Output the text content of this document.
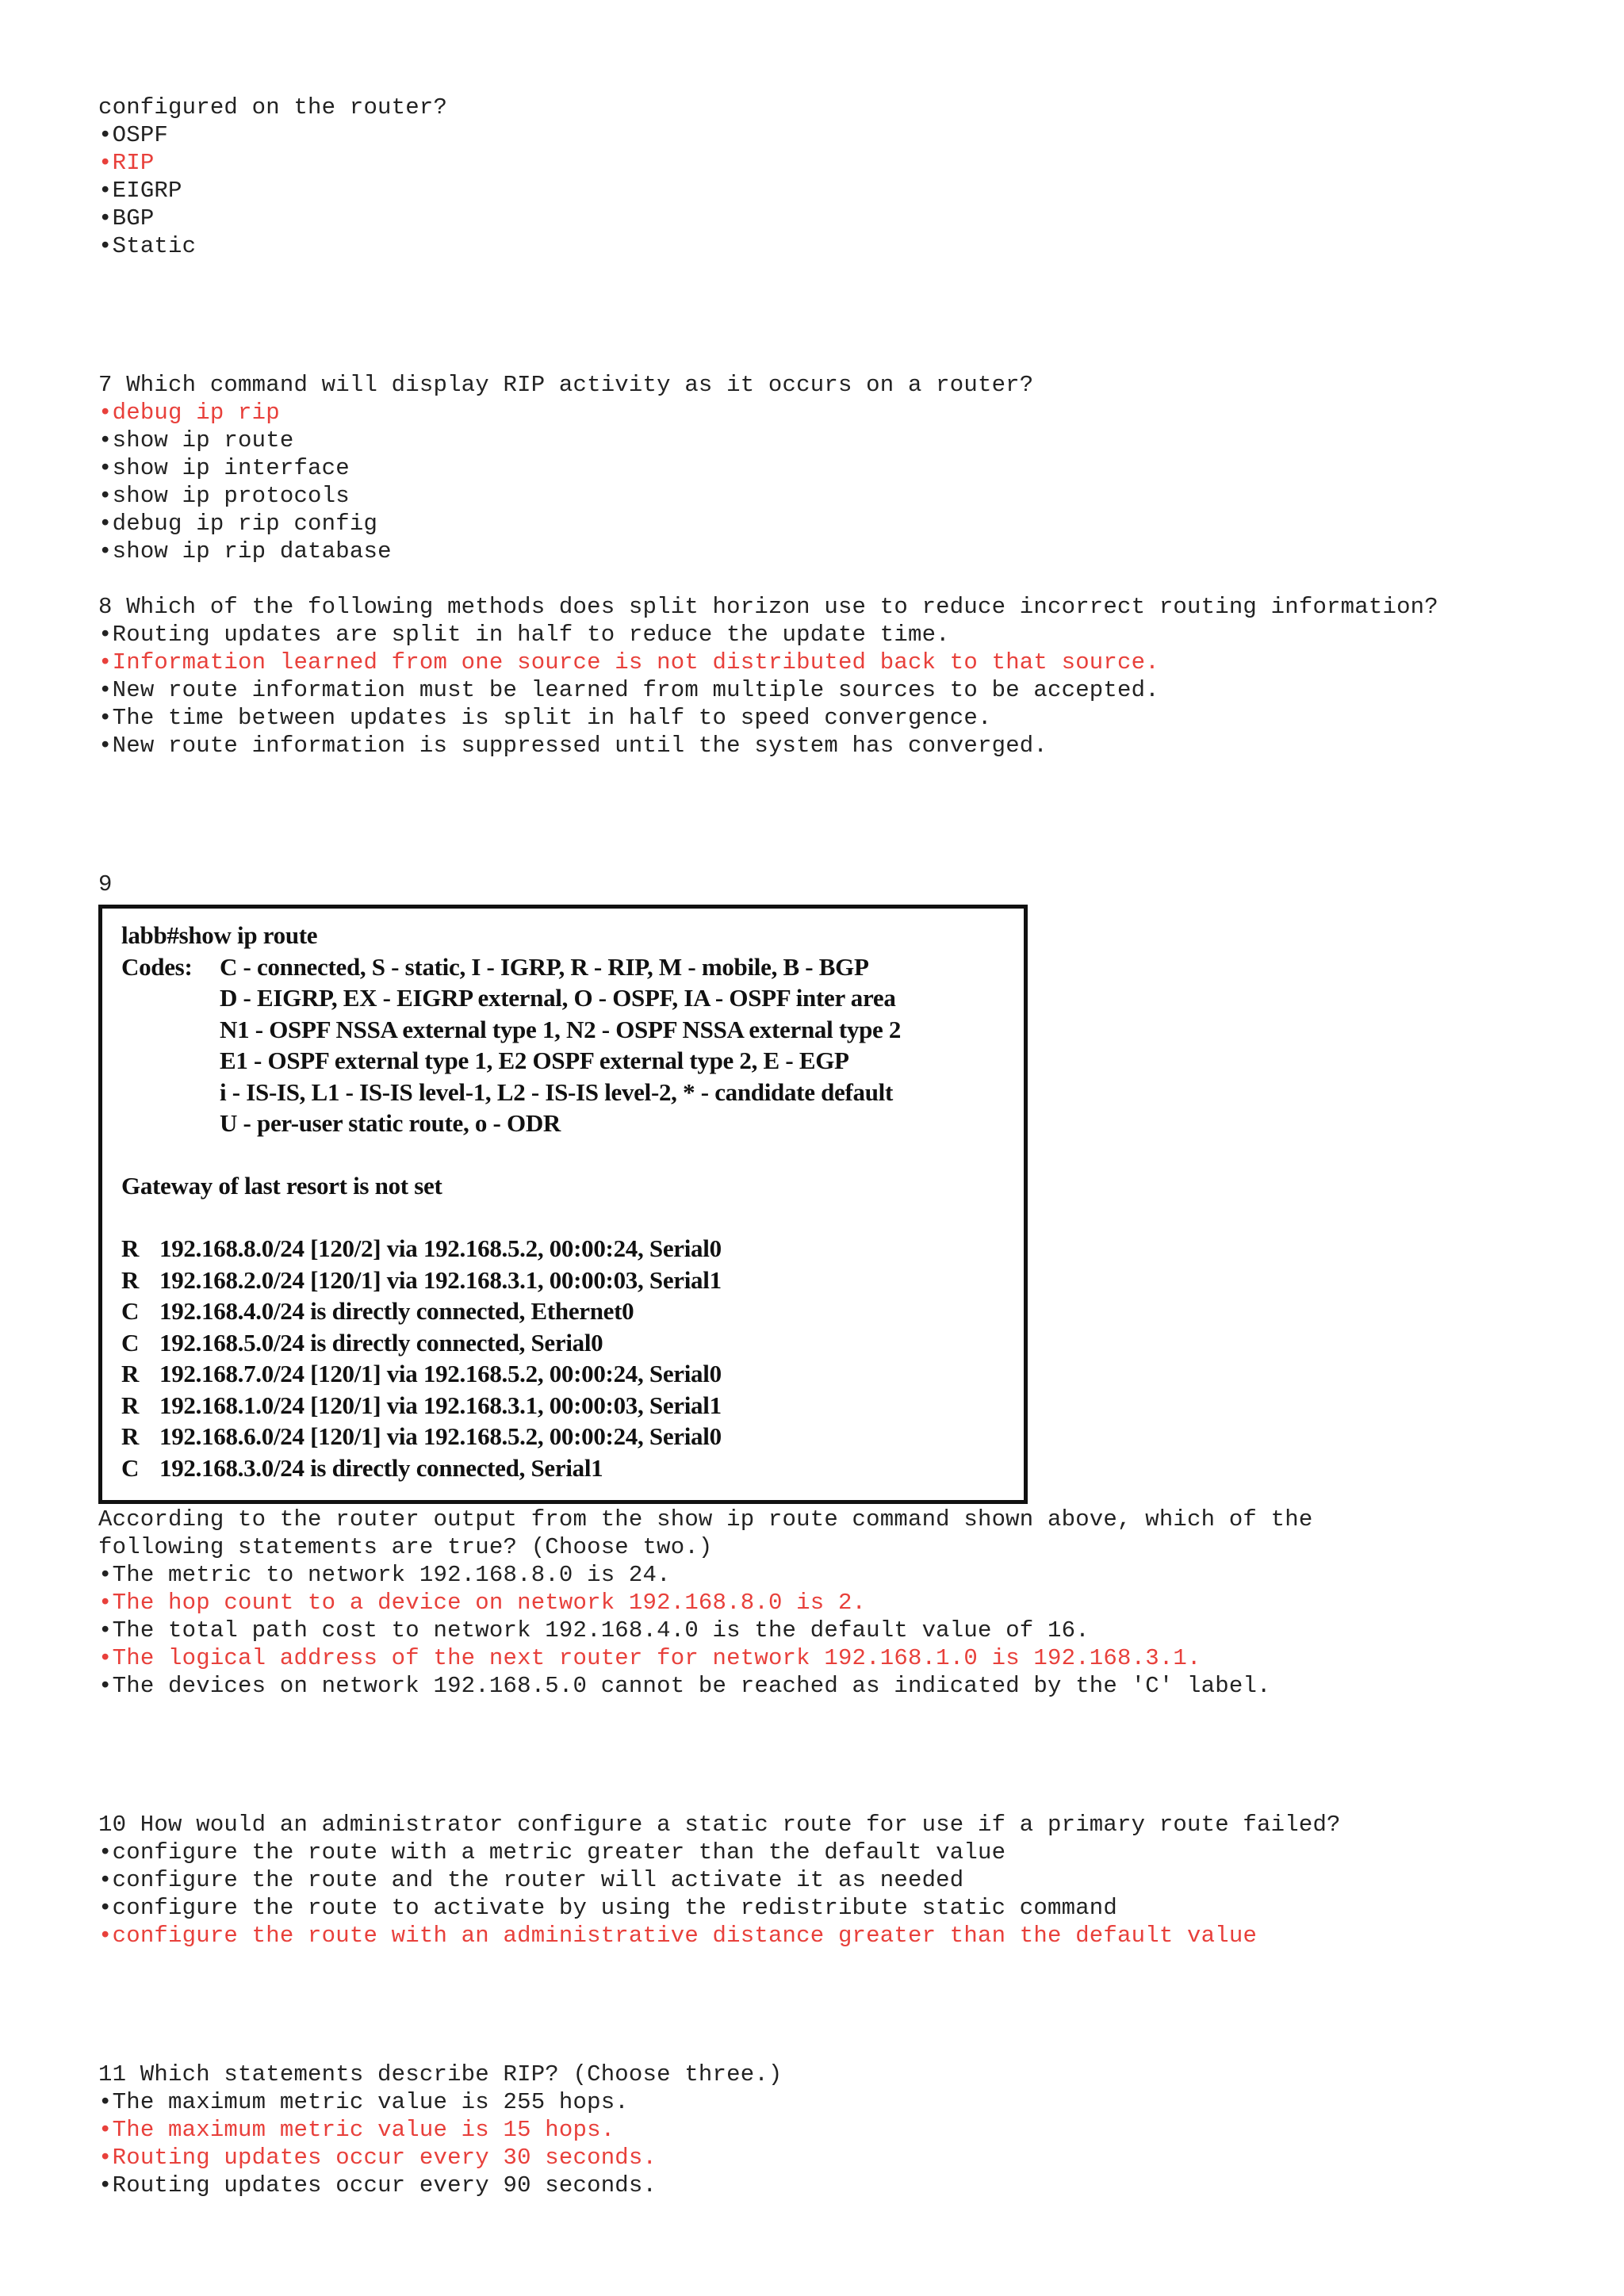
configured on the router?
• OSPF
• RIP
• EIGRP
• BGP
• Static
7 Which command will display RIP activity as it occurs on a router?
• debug ip rip
• show ip route
• show ip interface
• show ip protocols
• debug ip rip config
• show ip rip database
8 Which of the following methods does split horizon use to reduce incorrect routing information?
• Routing updates are split in half to reduce the update time.
• Information learned from one source is not distributed back to that source.
• New route information must be learned from multiple sources to be accepted.
• The time between updates is split in half to speed convergence.
• New route information is suppressed until the system has converged.
9
labb#show ip route
Codes:	C - connected, S - static, I - IGRP, R - RIP, M - mobile, B - BGP
D - EIGRP, EX - EIGRP external, O - OSPF, IA - OSPF inter area
N1 - OSPF NSSA external type 1, N2 - OSPF NSSA external type 2
E1 - OSPF external type 1, E2 OSPF external type 2, E - EGP
i - IS-IS, L1 - IS-IS level-1, L2 - IS-IS level-2, * - candidate default
U - per-user static route, o - ODR
Gateway of last resort is not set
R 192.168.8.0/24 [120/2] via 192.168.5.2, 00:00:24, Serial0
R 192.168.2.0/24 [120/1] via 192.168.3.1, 00:00:03, Serial1
C 192.168.4.0/24 is directly connected, Ethernet0
C 192.168.5.0/24 is directly connected, Serial0
R 192.168.7.0/24 [120/1] via 192.168.5.2, 00:00:24, Serial0
R 192.168.1.0/24 [120/1] via 192.168.3.1, 00:00:03, Serial1
R 192.168.6.0/24 [120/1] via 192.168.5.2, 00:00:24, Serial0
C 192.168.3.0/24 is directly connected, Serial1
According to the router output from the show ip route command shown above, which of the
following statements are true? (Choose two.)
• The metric to network 192.168.8.0 is 24.
• The hop count to a device on network 192.168.8.0 is 2.
• The total path cost to network 192.168.4.0 is the default value of 16.
• The logical address of the next router for network 192.168.1.0 is 192.168.3.1.
• The devices on network 192.168.5.0 cannot be reached as indicated by the 'C' label.
10 How would an administrator configure a static route for use if a primary route failed?
• configure the route with a metric greater than the default value
• configure the route and the router will activate it as needed
• configure the route to activate by using the redistribute static command
• configure the route with an administrative distance greater than the default value
11 Which statements describe RIP? (Choose three.)
• The maximum metric value is 255 hops.
• The maximum metric value is 15 hops.
• Routing updates occur every 30 seconds.
• Routing updates occur every 90 seconds.
